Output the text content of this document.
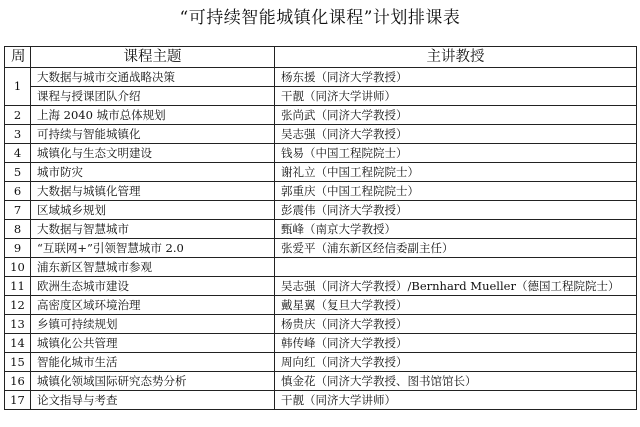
“可持续智能城镇化课程”计划排课表
周	课程主题	主讲教授
1	大数据与城市交通战略决策	杨东援（同济大学教授）
	课程与授课团队介绍	干靓（同济大学讲师）
2	上海 2040 城市总体规划	张尚武（同济大学教授）
3	可持续与智能城镇化	吴志强（同济大学教授）
4	城镇化与生态文明建设	钱易（中国工程院院士）
5	城市防灾	谢礼立（中国工程院院士）
6	大数据与城镇化管理	郭重庆（中国工程院院士）
7	区域城乡规划	彭震伟（同济大学教授）
8	大数据与智慧城市	甄峰（南京大学教授）
9	“互联网+”引领智慧城市 2.0	张爱平（浦东新区经信委副主任）
10	浦东新区智慧城市参观	
11	欧洲生态城市建设	吴志强（同济大学教授）/Bernhard Mueller（德国工程院院士）
12	高密度区域环境治理	戴星翼（复旦大学教授）
13	乡镇可持续规划	杨贵庆（同济大学教授）
14	城镇化公共管理	韩传峰（同济大学教授）
15	智能化城市生活	周向红（同济大学教授）
16	城镇化领域国际研究态势分析	慎金花（同济大学教授、图书馆馆长）
17	论文指导与考查	干靓（同济大学讲师）
